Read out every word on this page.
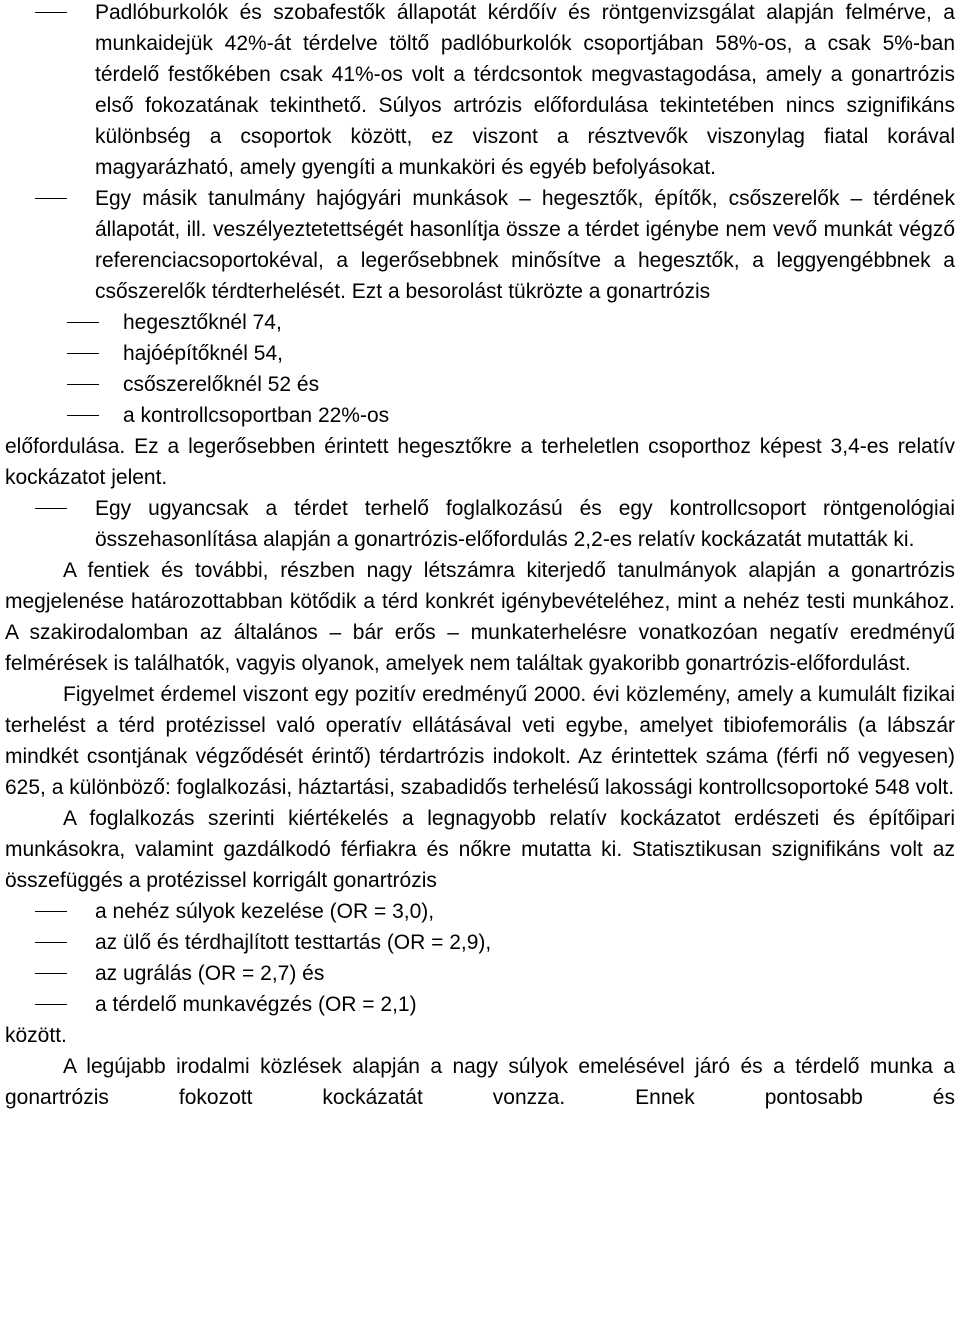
Padlóburkolók és szobafestők állapotát kérdőív és röntgenvizsgálat alapján felmérve, a munkaidejük 42%-át térdelve töltő padlóburkolók csoportjában 58%-os, a csak 5%-ban térdelő festőkében csak 41%-os volt a térdcsontok megvastagodása, amely a gonartrózis első fokozatának tekinthető. Súlyos artrózis előfordulása tekintetében nincs szignifikáns különbség a csoportok között, ez viszont a résztvevők viszonylag fiatal korával magyarázható, amely gyengíti a munkaköri és egyéb befolyásokat.
Egy másik tanulmány hajógyári munkások – hegesztők, építők, csőszerelők – térdének állapotát, ill. veszélyeztetettségét hasonlítja össze a térdet igénybe nem vevő munkát végző referenciacsoportokéval, a legerősebbnek minősítve a hegesztők, a leggyengébbnek a csőszerelők térdterhelését. Ezt a besorolást tükrözte a gonartrózis
hegesztőknél 74,
hajóépítőknél 54,
csőszerelőknél 52 és
a kontrollcsoportban 22%-os
előfordulása. Ez a legerősebben érintett hegesztőkre a terheletlen csoporthoz képest 3,4-es relatív kockázatot jelent.
Egy ugyancsak a térdet terhelő foglalkozású és egy kontrollcsoport röntgenológiai összehasonlítása alapján a gonartrózis-előfordulás 2,2-es relatív kockázatát mutatták ki.
A fentiek és további, részben nagy létszámra kiterjedő tanulmányok alapján a gonartrózis megjelenése határozottabban kötődik a térd konkrét igénybevételéhez, mint a nehéz testi munkához. A szakirodalomban az általános – bár erős – munkaterhelésre vonatkozóan negatív eredményű felmérések is találhatók, vagyis olyanok, amelyek nem találtak gyakoribb gonartrózis-előfordulást.
Figyelmet érdemel viszont egy pozitív eredményű 2000. évi közlemény, amely a kumulált fizikai terhelést a térd protézissel való operatív ellátásával veti egybe, amelyet tibiofemorális (a lábszár mindkét csontjának végződését érintő) térdartrózis indokolt. Az érintettek száma (férfi nő vegyesen) 625, a különböző: foglalkozási, háztartási, szabadidős terhelésű lakossági kontrollcsoportoké 548 volt.
A foglalkozás szerinti kiértékelés a legnagyobb relatív kockázatot erdészeti és építőipari munkásokra, valamint gazdálkodó férfiakra és nőkre mutatta ki. Statisztikusan szignifikáns volt az összefüggés a protézissel korrigált gonartrózis
a nehéz súlyok kezelése (OR = 3,0),
az ülő és térdhajlított testtartás (OR = 2,9),
az ugrálás (OR = 2,7) és
a térdelő munkavégzés (OR = 2,1)
között.
A legújabb irodalmi közlések alapján a nagy súlyok emelésével járó és a térdelő munka a gonartrózis fokozott kockázatát vonzza. Ennek pontosabb és
